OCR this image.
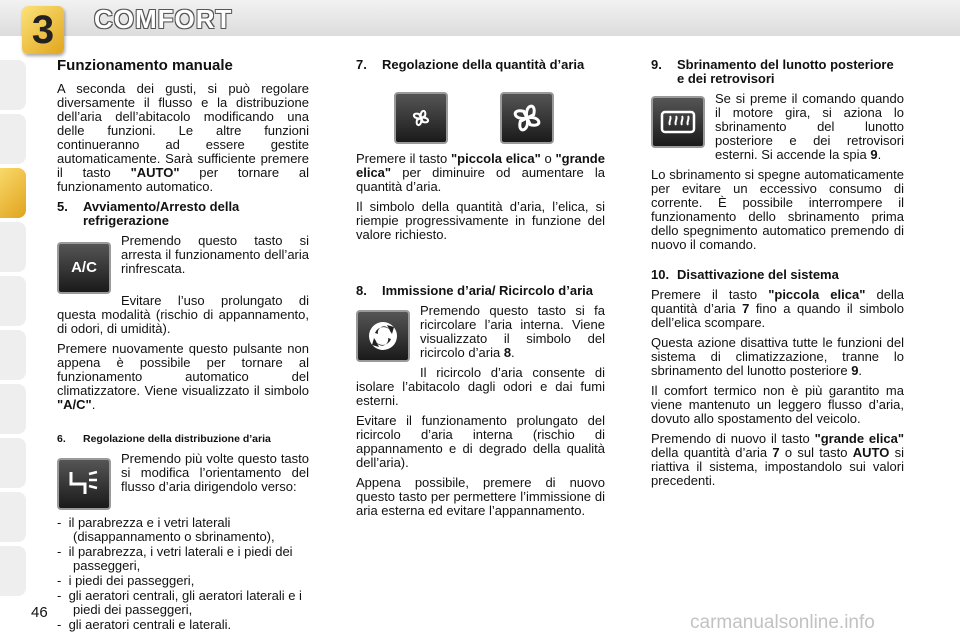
3	COMFORT
Funzionamento manuale

A seconda dei gusti, si può regolare diversamente il flusso e la distribuzione dell’aria dell’abitacolo modificando una delle funzioni. Le altre funzioni continueranno ad essere gestite automaticamente. Sarà sufficiente premere il tasto "AUTO" per tornare al funzionamento automatico.

5.	Avviamento/Arresto della refrigerazione
A/C

Premendo questo tasto si arresta il funzionamento dell’aria rinfrescata.

Evitare l’uso prolungato di questa modalità (rischio di appannamento, di odori, di umidità).

Premere nuovamente questo pulsante non appena è possibile per tornare al funzionamento automatico del climatizzatore. Viene visualizzato il simbolo "A/C".

6.	Regolazione della distribuzione d’aria

Premendo più volte questo tasto si modifica l’orientamento del flusso d’aria dirigendolo verso:

-  il parabrezza e i vetri laterali (disappannamento o sbrinamento),
-  il parabrezza, i vetri laterali e i piedi dei passeggeri,
-  i piedi dei passeggeri,
-  gli aeratori centrali, gli aeratori laterali e i piedi dei passeggeri,
-  gli aeratori centrali e laterali.
7.	Regolazione della quantità d’aria

Premere il tasto "piccola elica" o "grande elica" per diminuire od aumentare la quantità d’aria.

Il simbolo della quantità d’aria, l’elica, si riempie progressivamente in funzione del valore richiesto.

8.	Immissione d’aria/ Ricircolo d’aria

Premendo questo tasto si fa ricircolare l’aria interna. Viene visualizzato il simbolo del ricircolo d’aria 8.

Il ricircolo d’aria consente di isolare l’abitacolo dagli odori e dai fumi esterni.

Evitare il funzionamento prolungato del ricircolo d’aria interna (rischio di appannamento e di degrado della qualità dell’aria).

Appena possibile, premere di nuovo questo tasto per permettere l’immissione di aria esterna ed evitare l’appannamento.

9.	Sbrinamento del lunotto posteriore e dei retrovisori

Se si preme il comando quando il motore gira, si aziona lo sbrinamento del lunotto posteriore e dei retrovisori esterni. Si accende la spia 9.

Lo sbrinamento si spegne automaticamente per evitare un eccessivo consumo di corrente. È possibile interrompere il funzionamento dello sbrinamento prima dello spegnimento automatico premendo di nuovo il comando.

10. Disattivazione del sistema

Premere il tasto "piccola elica" della quantità d’aria 7 fino a quando il simbolo dell’elica scompare.

Questa azione disattiva tutte le funzioni del sistema di climatizzazione, tranne lo sbrinamento del lunotto posteriore 9.

Il comfort termico non è più garantito ma viene mantenuto un leggero flusso d’aria, dovuto allo spostamento del veicolo.

Premendo di nuovo il tasto "grande elica" della quantità d’aria 7 o sul tasto AUTO si riattiva il sistema, impostandolo sui valori precedenti.

46	carmanualsonline.info
